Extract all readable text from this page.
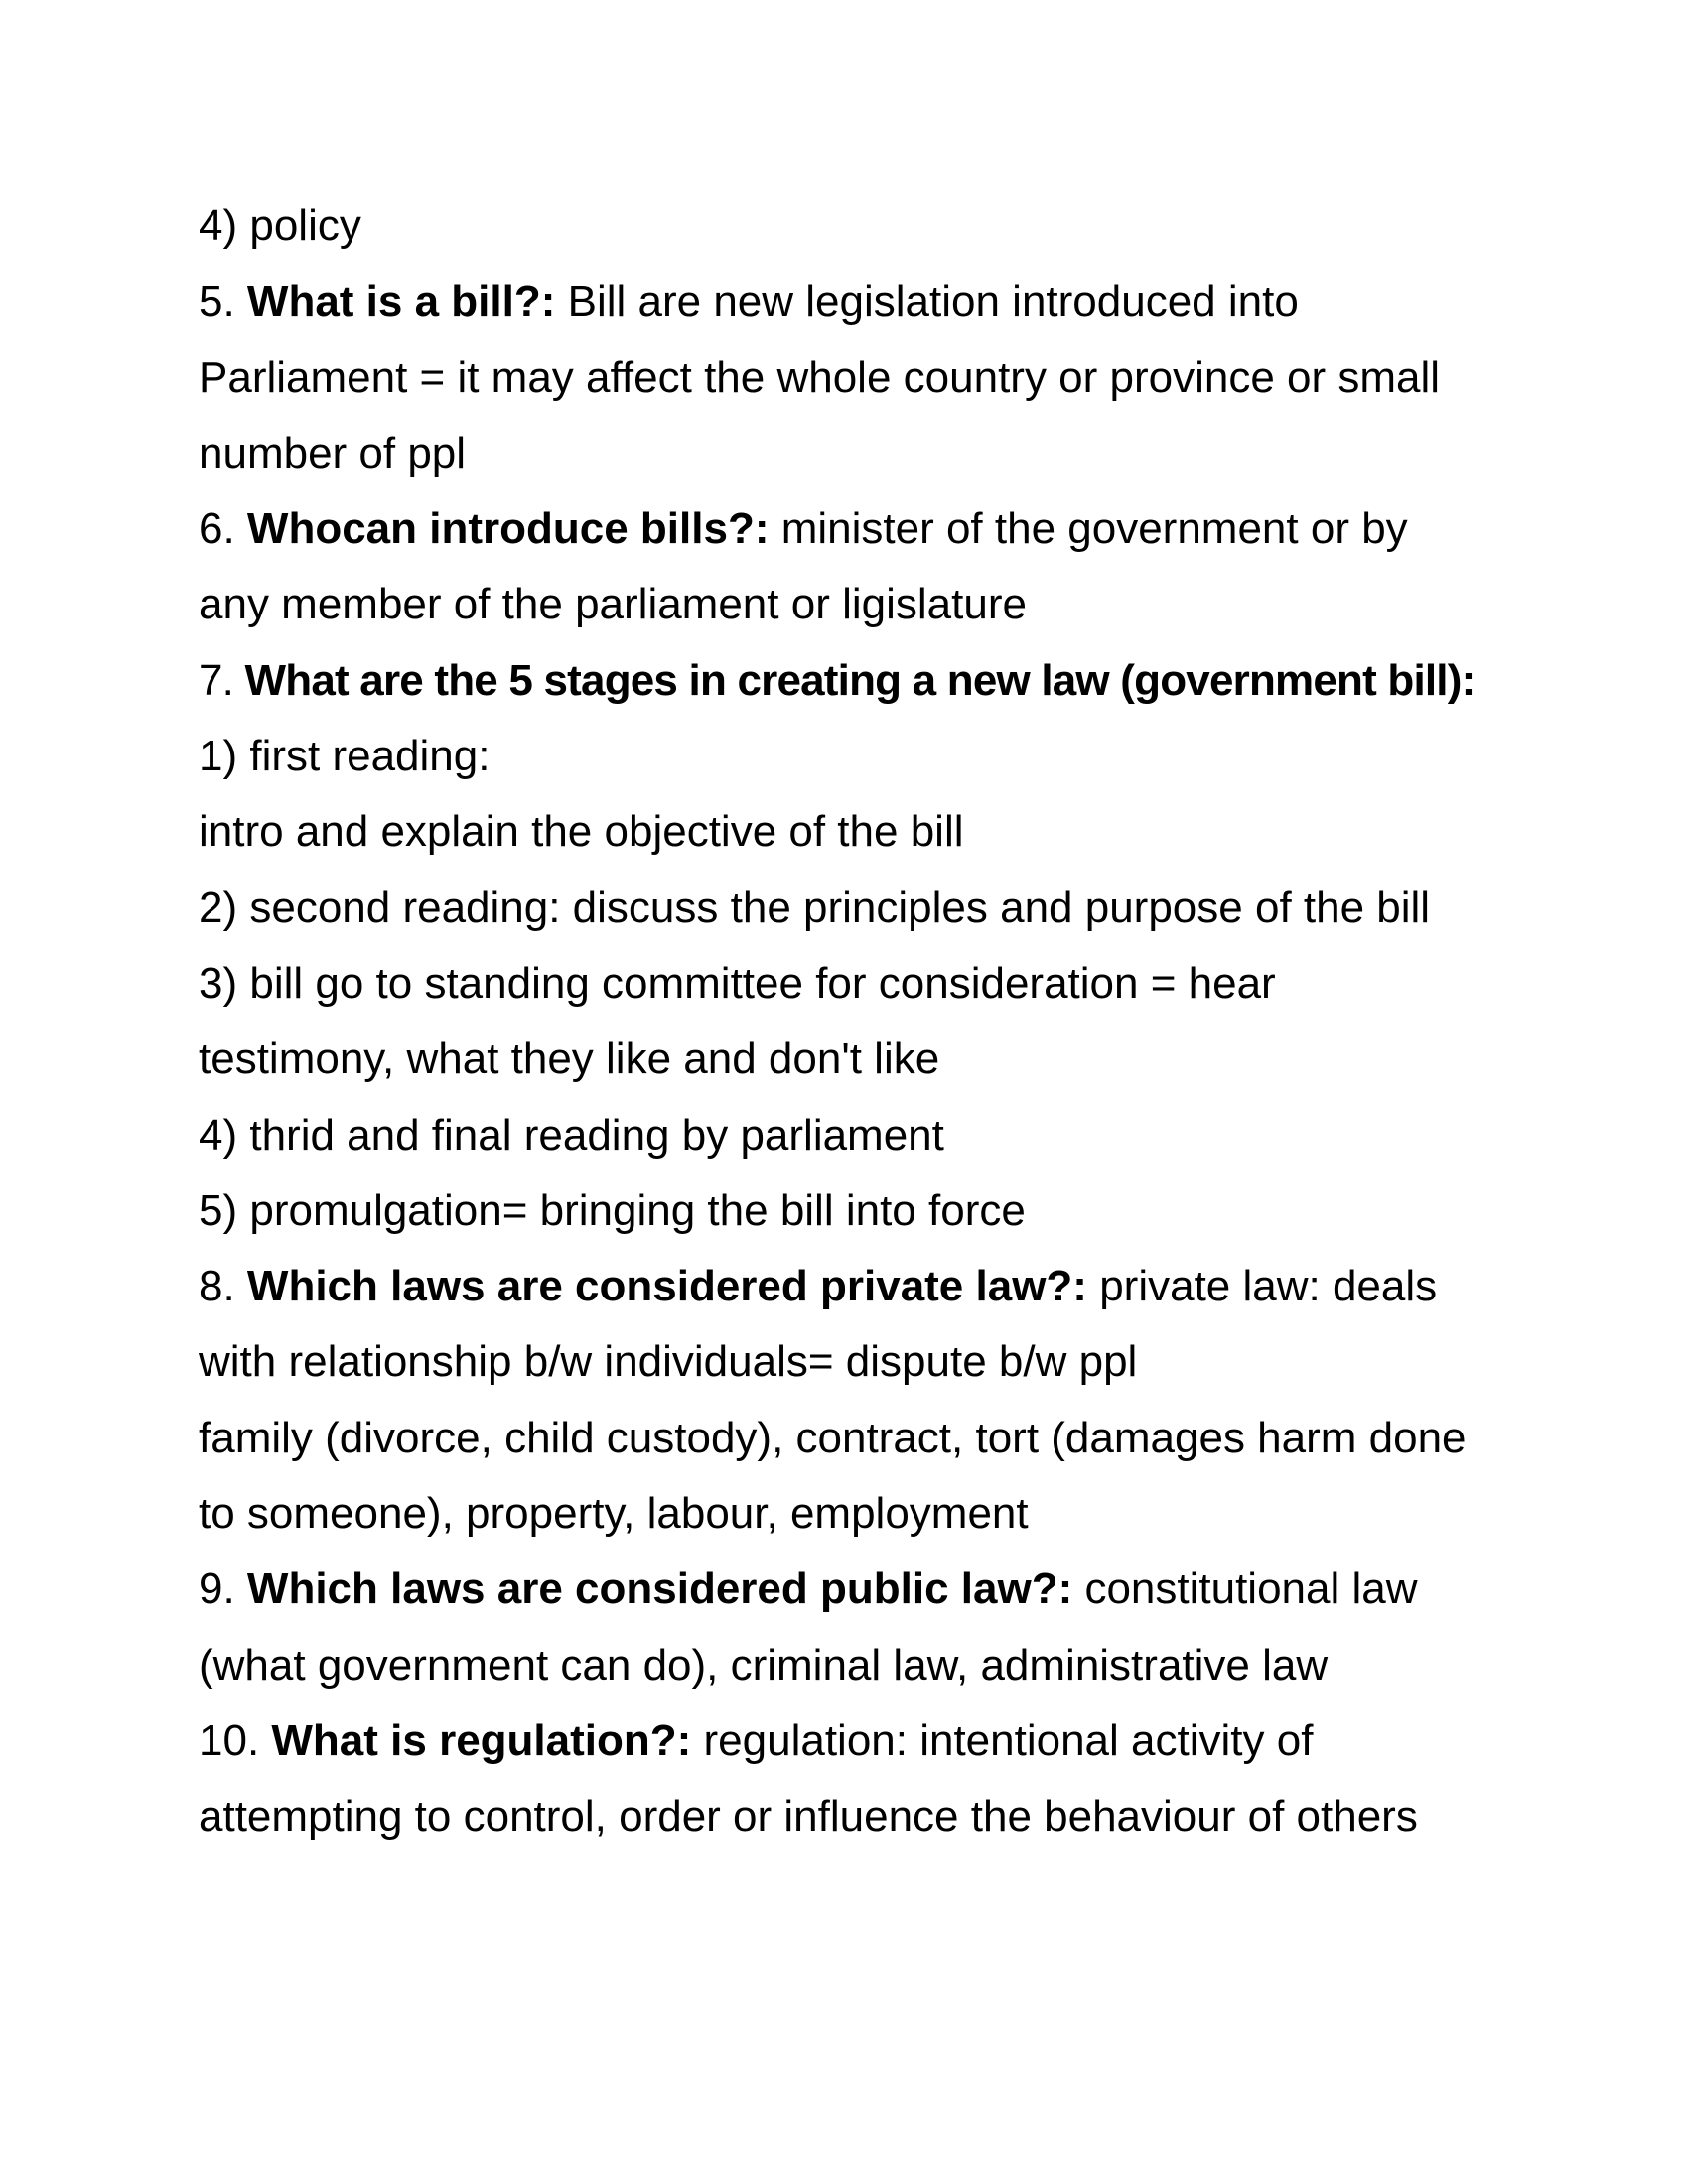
4) policy

5. What is a bill?: Bill are new legislation introduced into

Parliament = it may affect the whole country or province or small

number of ppl

6. Whocan introduce bills?: minister of the government or by

any member of the parliament or ligislature

7. What are the 5 stages in creating a new law (government bill):

1) first reading:

intro and explain the objective of the bill

2) second reading: discuss the principles and purpose of the bill

3) bill go to standing committee for consideration = hear

testimony, what they like and don't like

4) thrid and final reading by parliament

5) promulgation= bringing the bill into force

8. Which laws are considered private law?: private law: deals

with relationship b/w individuals= dispute b/w ppl

family (divorce, child custody), contract, tort (damages harm done

to someone), property, labour, employment

9. Which laws are considered public law?: constitutional law

(what government can do), criminal law, administrative law

10. What is regulation?: regulation: intentional activity of

attempting to control, order or influence the behaviour of others
